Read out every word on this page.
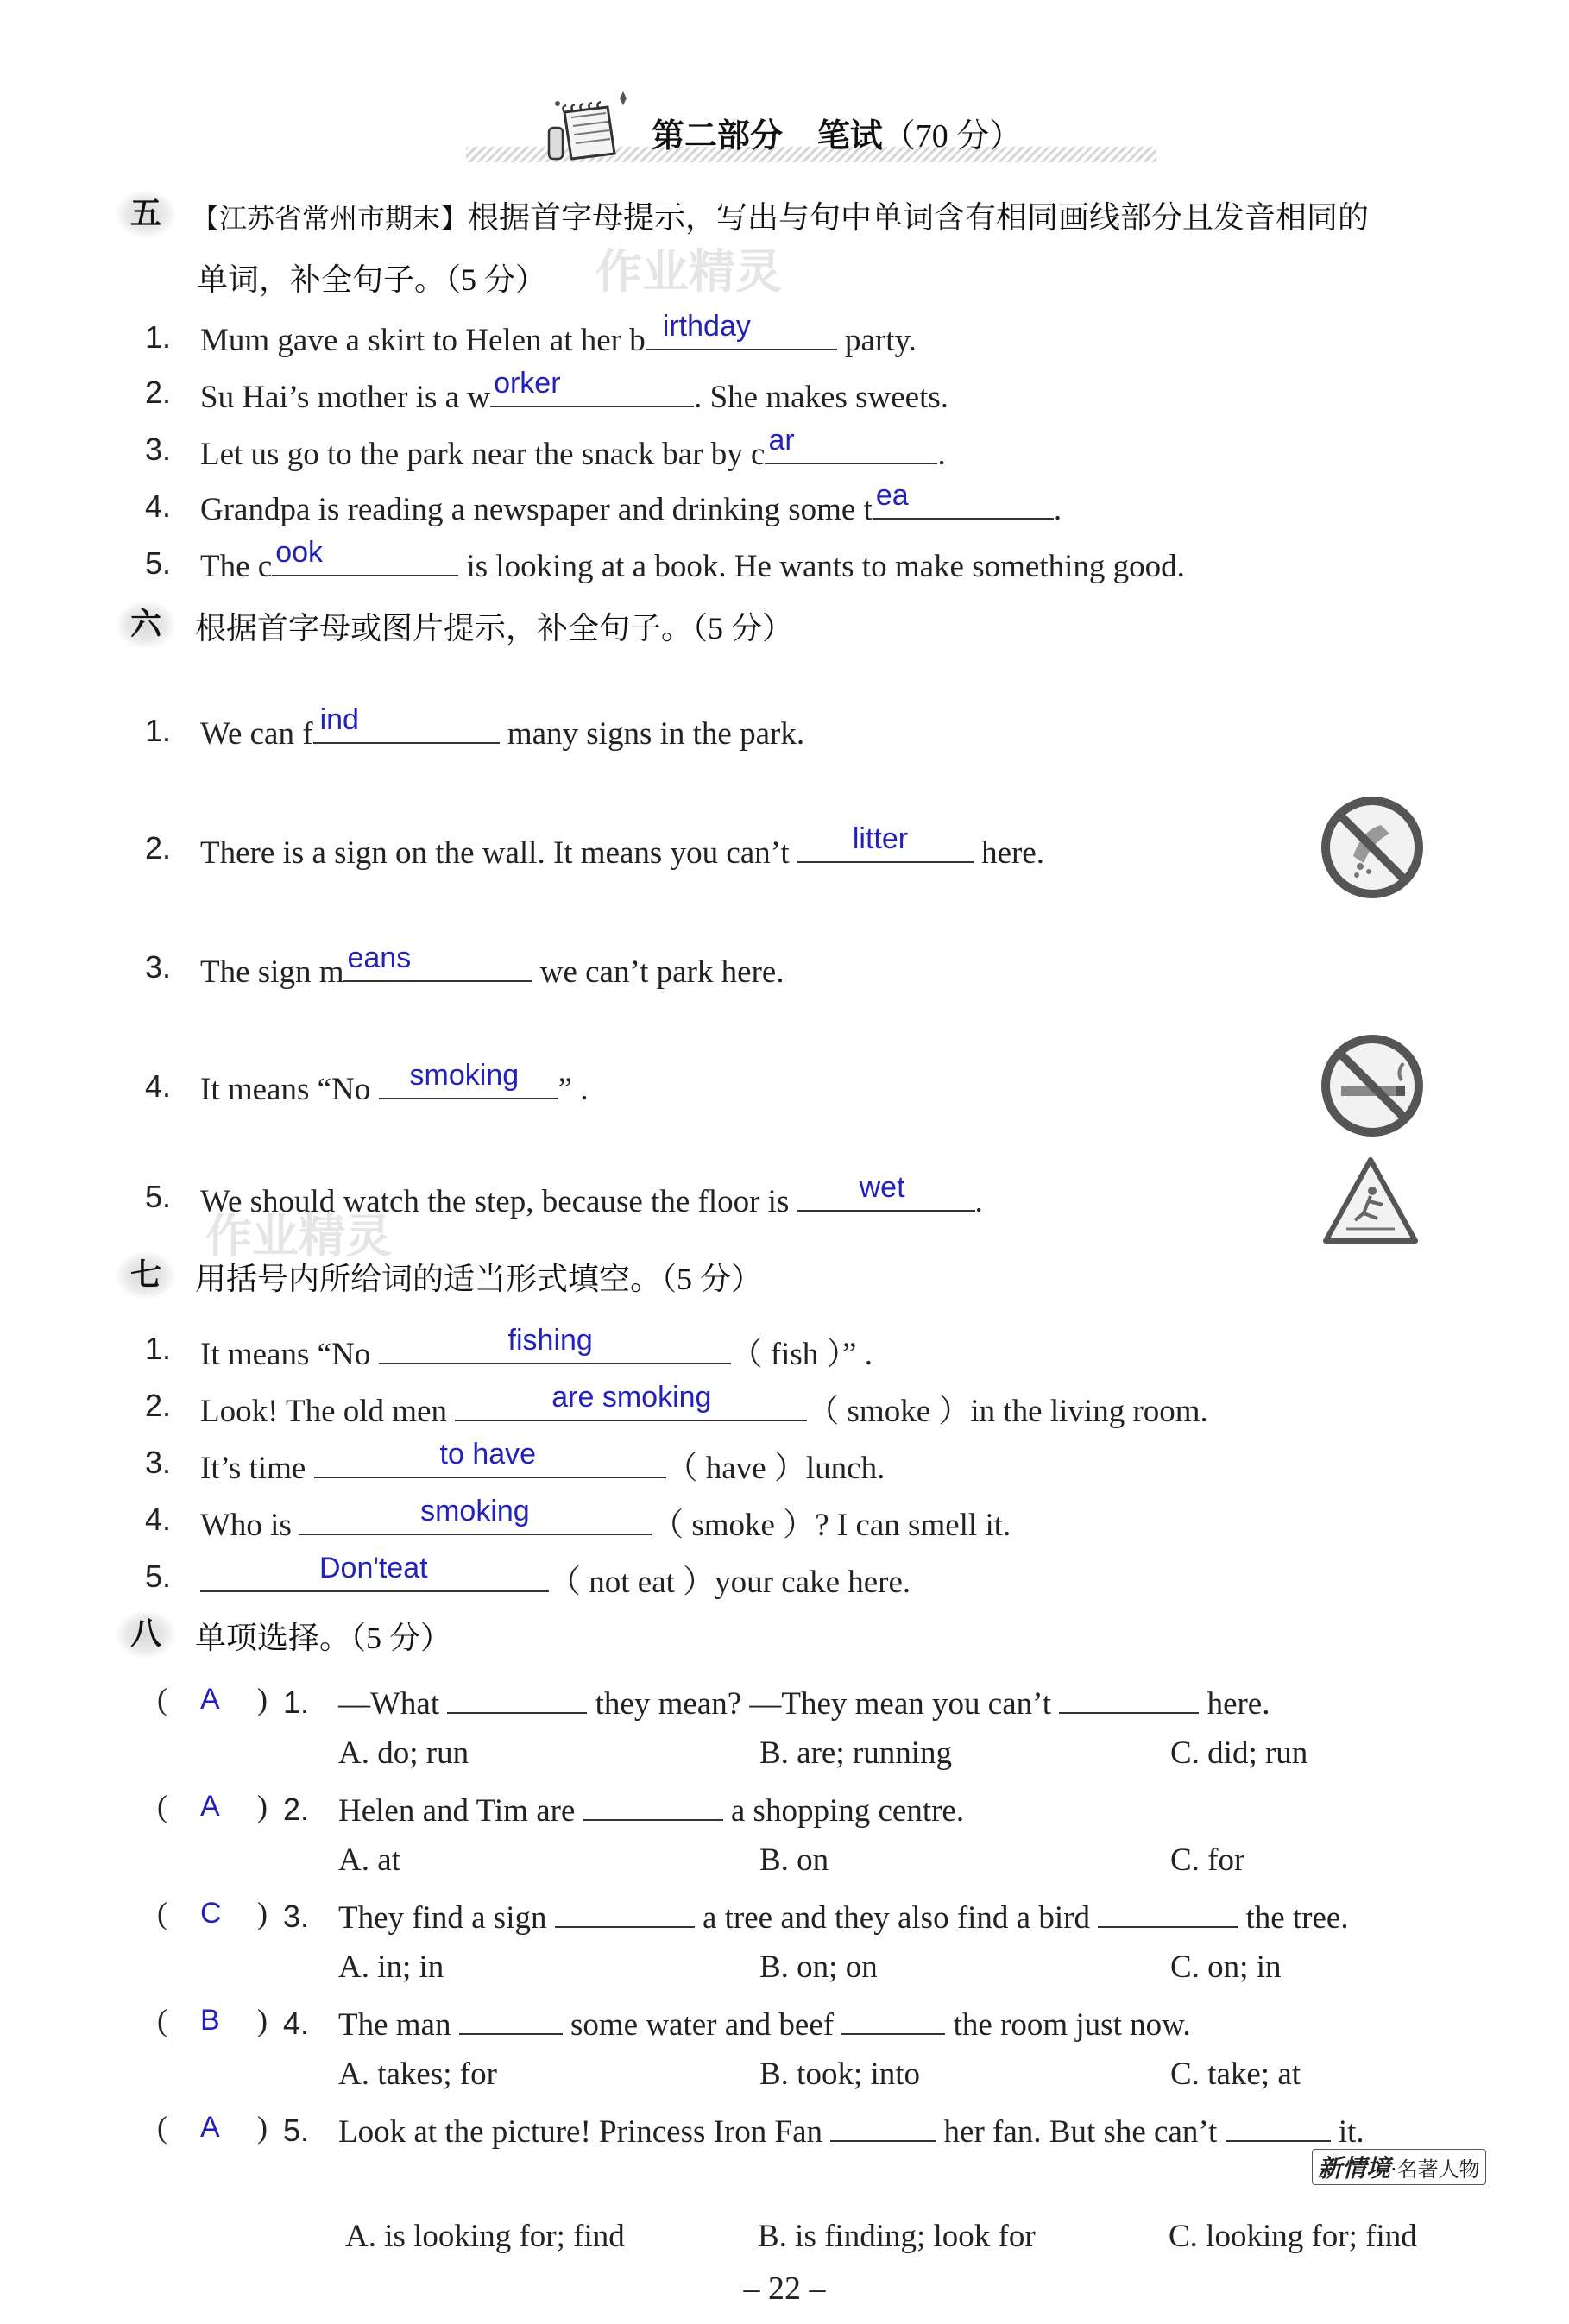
第二部分 笔试（70 分）
作业精灵
作业精灵
五	【江苏省常州市期末】根据首字母提示，写出与句中单词含有相同画线部分且发音相同的
单词，补全句子。（5 分）
1. Mum gave a skirt to Helen at her b irthday	party.
2. Su Hai’s mother is a w orker	. She makes sweets.
3. Let us go to the park near the snack bar by c ar	.
4. Grandpa is reading a newspaper and drinking some t ea	.
5. The c ook	is looking at a book. He wants to make something good.
六	根据首字母或图片提示，补全句子。（5 分）
1. We can f ind	many signs in the park.
2. There is a sign on the wall. It means you can’t litter here.
3. The sign m eans	we can’t park here.
4. It means “No smoking ” .
5. We should watch the step, because the floor is wet .
七	用括号内所给词的适当形式填空。（5 分）
1. It means “No	fishing	（ fish ）” .
2. Look! The old men	are smoking	（ smoke ）in the living room.
3. It’s time	to have	（ have ）lunch.
4. Who is	smoking	（ smoke ）? I can smell it.
5.	Don'teat	（ not eat ）your cake here.
八	单项选择。（5 分）
( A ) 1. —What	they mean? —They mean you can’t	here.
A. do; run	B. are; running	C. did; run
( A ) 2. Helen and Tim are	a shopping centre.
A. at	B. on	C. for
( C ) 3. They find a sign	a tree and they also find a bird	the tree.
A. in; in	B. on; on	C. on; in
( B ) 4. The man	some water and beef	the room just now.
A. takes; for	B. took; into	C. take; at
( A ) 5. Look at the picture! Princess Iron Fan	her fan. But she can’t	it.
A. is looking for; find	B. is finding; look for	C. looking for; find
新情境·名著人物
– 22 –
